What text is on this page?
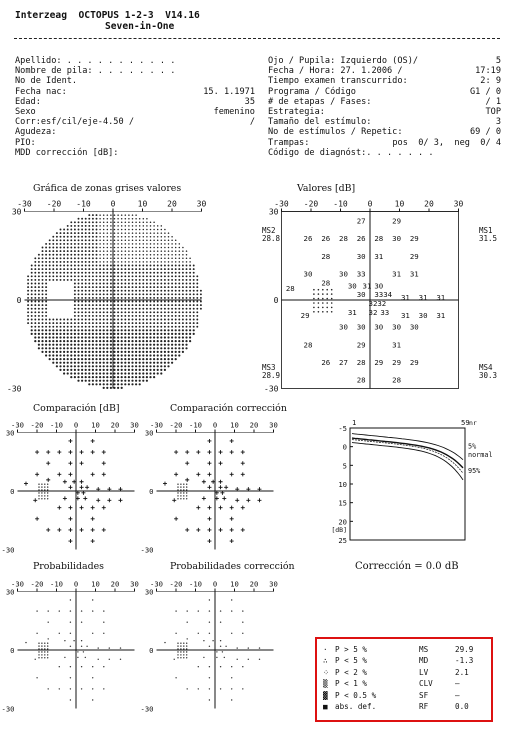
Interzeag  OCTOPUS 1-2-3  V14.16
Seven-in-One
Apellido: . . . . . . . . . . .
Nombre de pila: . . . . . . . .
No de Ident.
Fecha nac:	15. 1.1971
Edad:	35
Sexo	femenino
Corr:esf/cil/eje-4.50 /	/
Agudeza:
PIO:
MDD corrección [dB]:
Ojo / Pupila: Izquierdo (OS)/	5
Fecha / Hora: 27. 1.2006 /	17:19
Tiempo examen transcurrido:	2: 9
Programa / Código	G1 / 0
# de etapas / Fases:	/ 1
Estrategia:	TOP
Tamaño del estímulo:	3
No de estímulos / Repetic:	69 / 0
Trampas:	pos  0/ 3,  neg  0/ 4
Código de diagnóst:. . . . . . .
Gráfica de zonas grises valores	Valores [dB]
Comparación [dB]	Comparación corrección
Probabilidades	Probabilidades corrección	Corrección = 0.0 dB
-30 -20 -10 0	10 20 30
-30
0
30
-30 -20 -10 0	10 20 30
-30
0
30
27	29
26 26 28 26 28 30 29
28	30 31	29
30	30 33	31 31
28
28 30 31 30
30 33 34 31 31 31
32 32
31 32 33 31 30 31
29
30 30 30 30 30
28	29	31
26 27 28 29 29 29
28	28
-30 -20 -10 0 10 20 30
-30
0
30
-30 -20 -10 0 10 20 30
-30
0
30	-5
0
5
10
15
20
25
[dB]
1	59 nr
5%
normal
95%
-30 -20 -10 0 10 20 30
-30
0
30
-30 -20 -10 0 10 20 30
-30
0
30
· P > 5 %	MS	29.9
∴ P < 5 %	MD	-1.3
⁘ P < 2 %	LV	2.1
▒ P < 1 %	CLV	–
▓ P < 0.5 %	SF	–
■ abs. def.	RF	0.0
MS2
28.8
MS1
31.5
MS3
28.9
MS4
30.3
